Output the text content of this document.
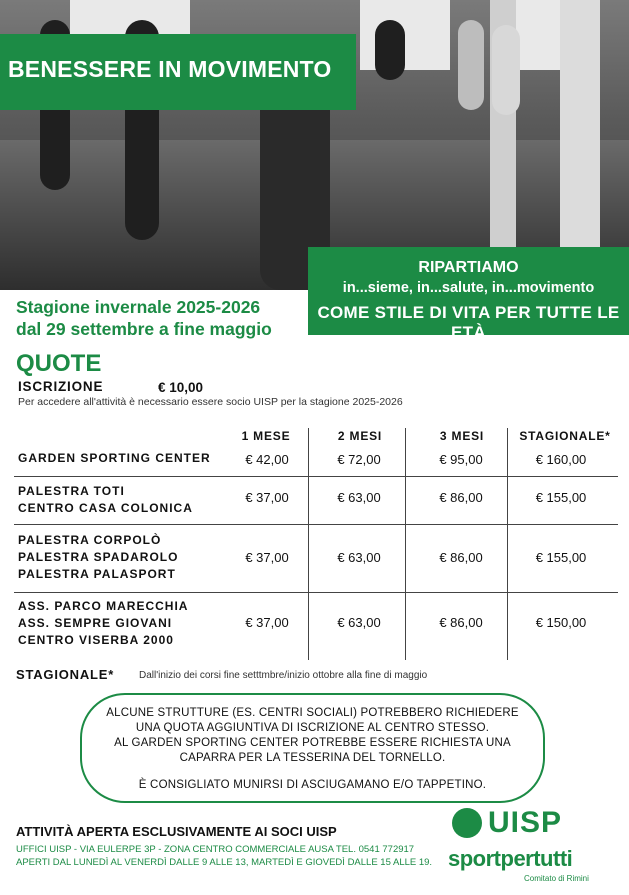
BENESSERE IN MOVIMENTO
RIPARTIAMO
in...sieme, in...salute, in...movimento
COME STILE DI VITA PER TUTTE LE ETÀ
Stagione invernale 2025-2026
dal 29 settembre a fine maggio
QUOTE
ISCRIZIONE	€ 10,00
Per accedere all'attività è necessario essere socio UISP per la stagione 2025-2026
1 MESE	2 MESI	3 MESI	STAGIONALE*
GARDEN SPORTING CENTER	€ 42,00	€ 72,00	€ 95,00	€ 160,00
PALESTRA TOTI
CENTRO CASA COLONICA
€ 37,00	€ 63,00	€ 86,00	€ 155,00
PALESTRA CORPOLÒ
PALESTRA SPADAROLO
PALESTRA PALASPORT
€ 37,00	€ 63,00	€ 86,00	€ 155,00
ASS. PARCO MARECCHIA
ASS. SEMPRE GIOVANI
CENTRO VISERBA 2000
€ 37,00	€ 63,00	€ 86,00	€ 150,00
STAGIONALE* Dall'inizio dei corsi fine setttmbre/inizio ottobre alla fine di maggio
ALCUNE STRUTTURE (ES. CENTRI SOCIALI) POTREBBERO RICHIEDERE
UNA QUOTA AGGIUNTIVA DI ISCRIZIONE AL CENTRO STESSO.
AL GARDEN SPORTING CENTER POTREBBE ESSERE RICHIESTA UNA
CAPARRA PER LA TESSERINA DEL TORNELLO.
È CONSIGLIATO MUNIRSI DI ASCIUGAMANO E/O TAPPETINO.
ATTIVITÀ APERTA ESCLUSIVAMENTE AI SOCI UISP
UFFICI UISP - VIA EULERPE 3P - ZONA CENTRO COMMERCIALE AUSA TEL. 0541 772917
APERTI DAL LUNEDÌ AL VENERDÌ DALLE 9 ALLE 13, MARTEDÌ E GIOVEDÌ DALLE 15 ALLE 19.
UISP
sportpertutti
Comitato di Rimini
